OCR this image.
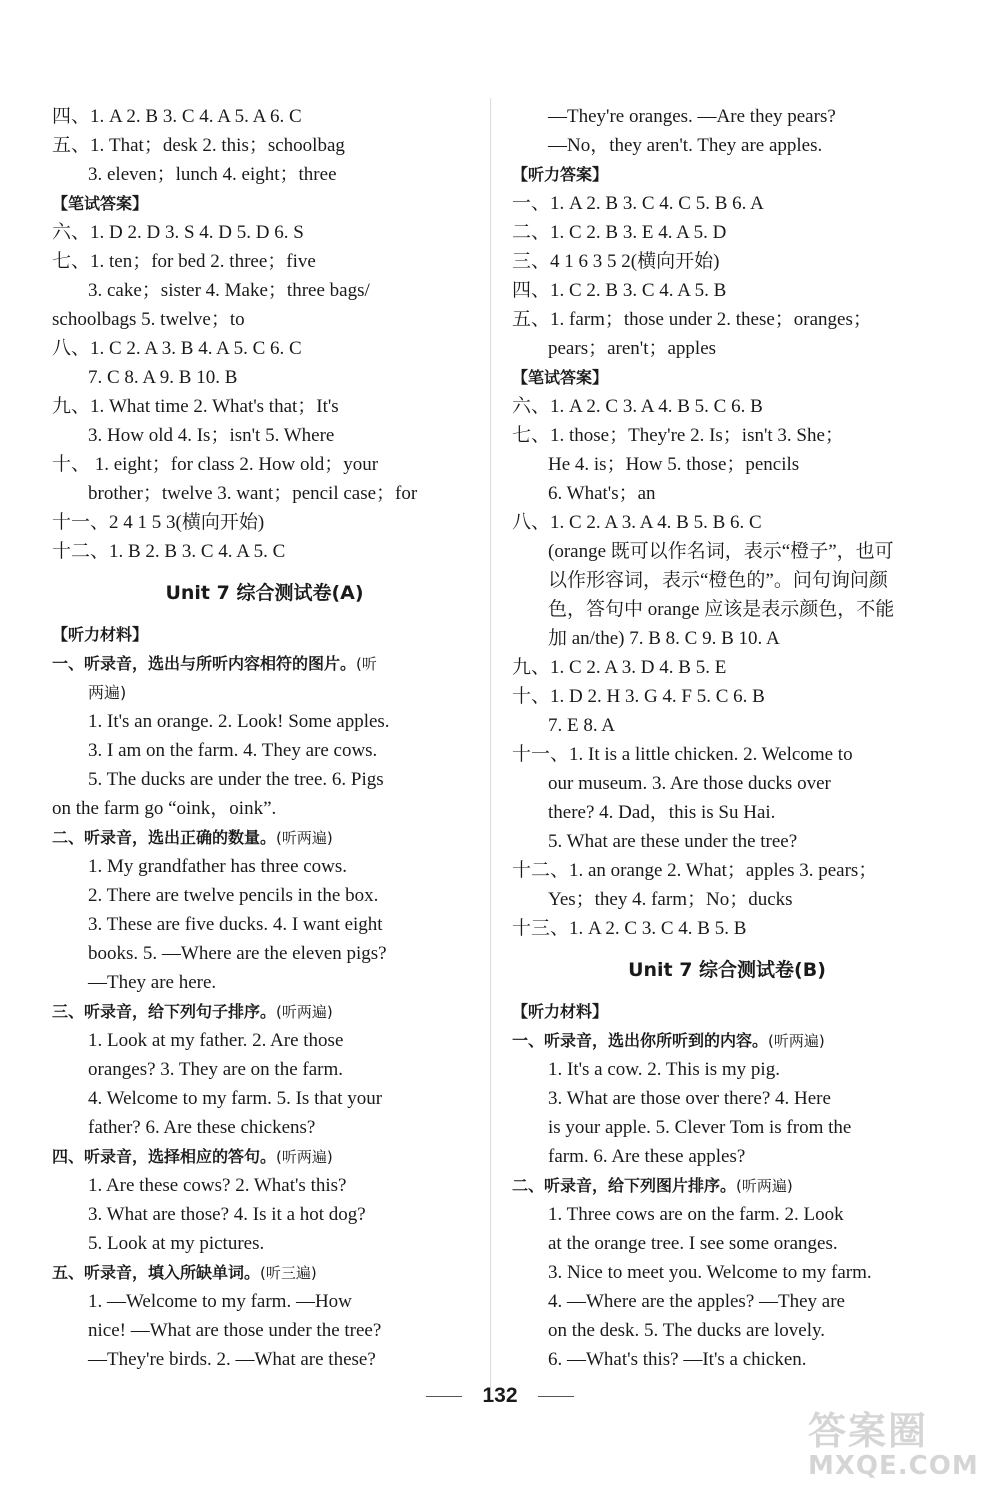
四、1. A 2. B 3. C 4. A 5. A 6. C
五、1. That；desk 2. this；schoolbag
3. eleven；lunch 4. eight；three
【笔试答案】
六、1. D 2. D 3. S 4. D 5. D 6. S
七、1. ten；for bed 2. three；five
3. cake；sister 4. Make；three bags/
schoolbags 5. twelve；to
八、1. C 2. A 3. B 4. A 5. C 6. C
7. C 8. A 9. B 10. B
九、1. What time 2. What's that；It's
3. How old 4. Is；isn't 5. Where
十、 1. eight；for class 2. How old；your
brother；twelve 3. want；pencil case；for
十一、2 4 1 5 3(横向开始)
十二、1. B 2. B 3. C 4. A 5. C
Unit 7 综合测试卷(A)
【听力材料】
一、听录音，选出与所听内容相符的图片。(听
两遍)
1. It's an orange. 2. Look! Some apples.
3. I am on the farm. 4. They are cows.
5. The ducks are under the tree. 6. Pigs
on the farm go “oink，oink”.
二、听录音，选出正确的数量。(听两遍)
1. My grandfather has three cows.
2. There are twelve pencils in the box.
3. These are five ducks. 4. I want eight
books. 5. —Where are the eleven pigs?
—They are here.
三、听录音，给下列句子排序。(听两遍)
1. Look at my father. 2. Are those
oranges? 3. They are on the farm.
4. Welcome to my farm. 5. Is that your
father? 6. Are these chickens?
四、听录音，选择相应的答句。(听两遍)
1. Are these cows? 2. What's this?
3. What are those? 4. Is it a hot dog?
5. Look at my pictures.
五、听录音，填入所缺单词。(听三遍)
1. —Welcome to my farm. —How
nice! —What are those under the tree?
—They're birds. 2. —What are these?
—They're oranges. —Are they pears?
—No，they aren't. They are apples.
【听力答案】
一、1. A 2. B 3. C 4. C 5. B 6. A
二、1. C 2. B 3. E 4. A 5. D
三、4 1 6 3 5 2(横向开始)
四、1. C 2. B 3. C 4. A 5. B
五、1. farm；those under 2. these；oranges；
pears；aren't；apples
【笔试答案】
六、1. A 2. C 3. A 4. B 5. C 6. B
七、1. those；They're 2. Is；isn't 3. She；
He 4. is；How 5. those；pencils
6. What's；an
八、1. C 2. A 3. A 4. B 5. B 6. C
(orange 既可以作名词，表示“橙子”，也可
以作形容词，表示“橙色的”。问句询问颜
色，答句中 orange 应该是表示颜色，不能
加 an/the) 7. B 8. C 9. B 10. A
九、1. C 2. A 3. D 4. B 5. E
十、1. D 2. H 3. G 4. F 5. C 6. B
7. E 8. A
十一、1. It is a little chicken. 2. Welcome to
our museum. 3. Are those ducks over
there? 4. Dad，this is Su Hai.
5. What are these under the tree?
十二、1. an orange 2. What；apples 3. pears；
Yes；they 4. farm；No；ducks
十三、1. A 2. C 3. C 4. B 5. B
Unit 7 综合测试卷(B)
【听力材料】
一、听录音，选出你所听到的内容。(听两遍)
1. It's a cow. 2. This is my pig.
3. What are those over there? 4. Here
is your apple. 5. Clever Tom is from the
farm. 6. Are these apples?
二、听录音，给下列图片排序。(听两遍)
1. Three cows are on the farm. 2. Look
at the orange tree. I see some oranges.
3. Nice to meet you. Welcome to my farm.
4. —Where are the apples? —They are
on the desk. 5. The ducks are lovely.
6. —What's this? —It's a chicken.
132
答案圈
MXQE.COM
